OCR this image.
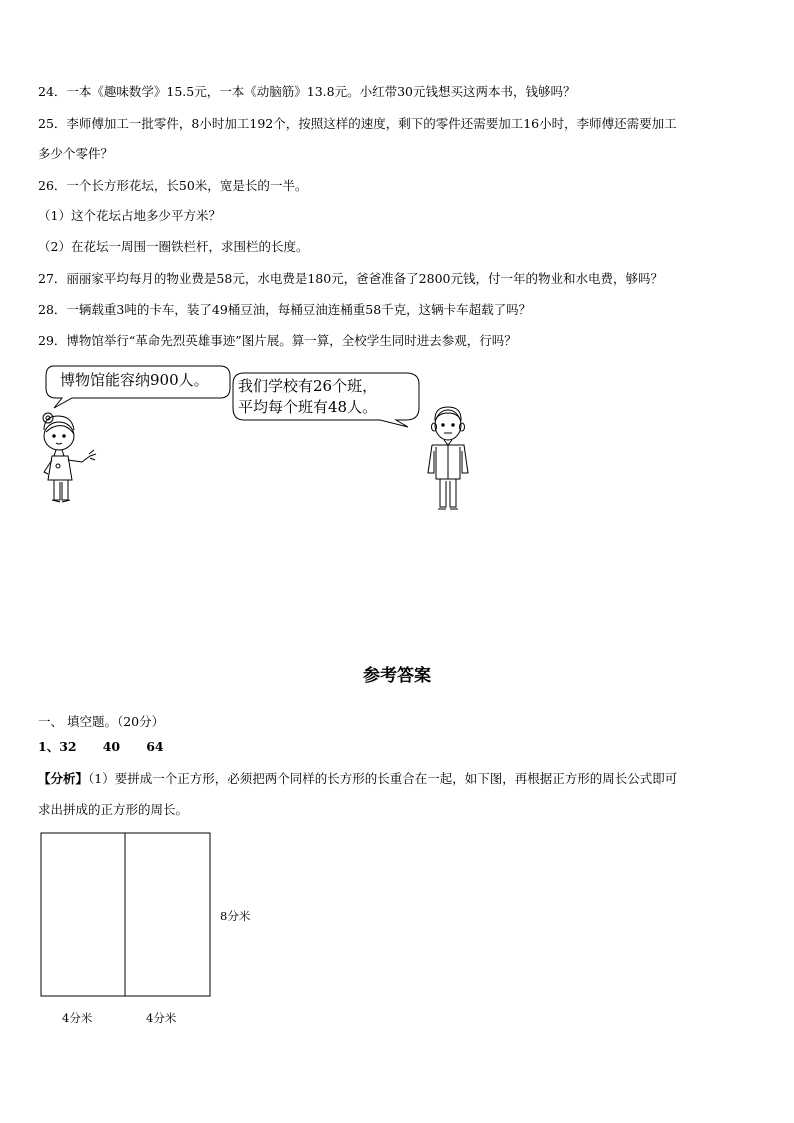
24．一本《趣味数学》15.5元，一本《动脑筋》13.8元。小红带30元钱想买这两本书，钱够吗？
25．李师傅加工一批零件，8小时加工192个，按照这样的速度，剩下的零件还需要加工16小时，李师傅还需要加工
多少个零件？
26．一个长方形花坛，长50米，宽是长的一半。
（1）这个花坛占地多少平方米？
（2）在花坛一周围一圈铁栏杆，求围栏的长度。
27．丽丽家平均每月的物业费是58元，水电费是180元，爸爸准备了2800元钱，付一年的物业和水电费，够吗？
28．一辆载重3吨的卡车，装了49桶豆油，每桶豆油连桶重58千克，这辆卡车超载了吗？
29．博物馆举行“革命先烈英雄事迹”图片展。算一算，全校学生同时进去参观，行吗？
博物馆能容纳900人。 我们学校有26个班，
平均每个班有48人。
参考答案
一、 填空题。（20分）
1、32      40      64
【分析】（1）要拼成一个正方形，必须把两个同样的长方形的长重合在一起，如下图，再根据正方形的周长公式即可
求出拼成的正方形的周长。
8分米
4分米	4分米
